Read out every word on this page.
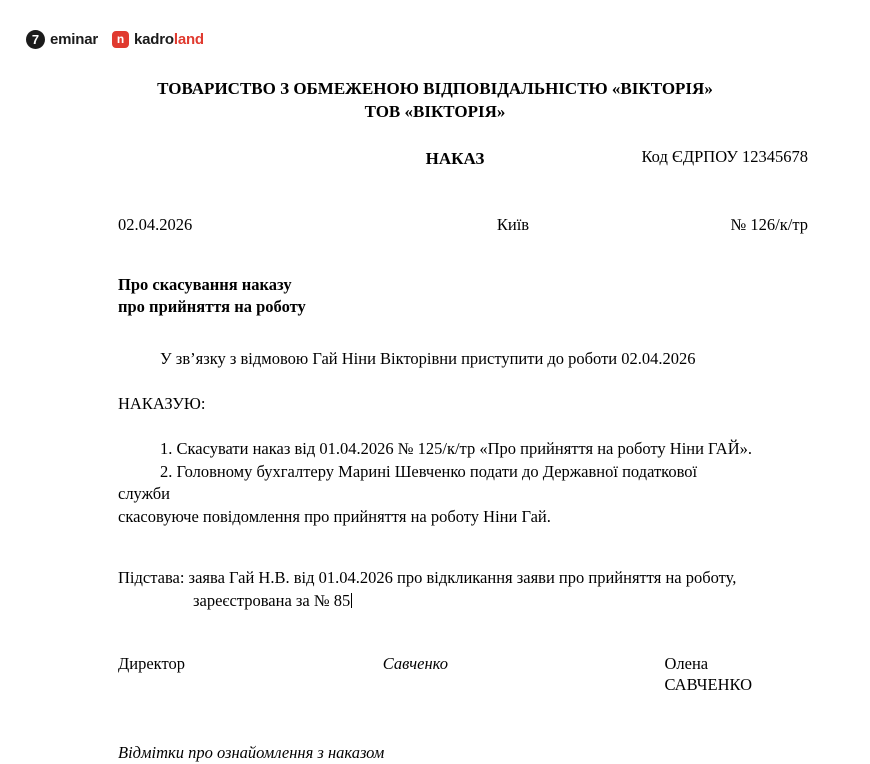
7 eminar	n kadroland
ТОВАРИСТВО З ОБМЕЖЕНОЮ ВІДПОВІДАЛЬНІСТЮ «ВІКТОРІЯ»
ТОВ «ВІКТОРІЯ»
Код ЄДРПОУ 12345678
НАКАЗ
02.04.2026	Київ	№ 126/к/тр
Про скасування наказу
про прийняття на роботу
У зв’язку з відмовою Гай Ніни Вікторівни приступити до роботи 02.04.2026
НАКАЗУЮ:
1. Скасувати наказ від 01.04.2026 № 125/к/тр «Про прийняття на роботу Ніни ГАЙ».
2. Головному бухгалтеру Марині Шевченко подати до Державної податкової служби
скасовуюче повідомлення про прийняття на роботу Ніни Гай.
Підстава: заява Гай Н.В. від 01.04.2026 про відкликання заяви про прийняття на роботу,
зареєстрована за № 85
Директор	Савченко	Олена САВЧЕНКО
Відмітки про ознайомлення з наказом
